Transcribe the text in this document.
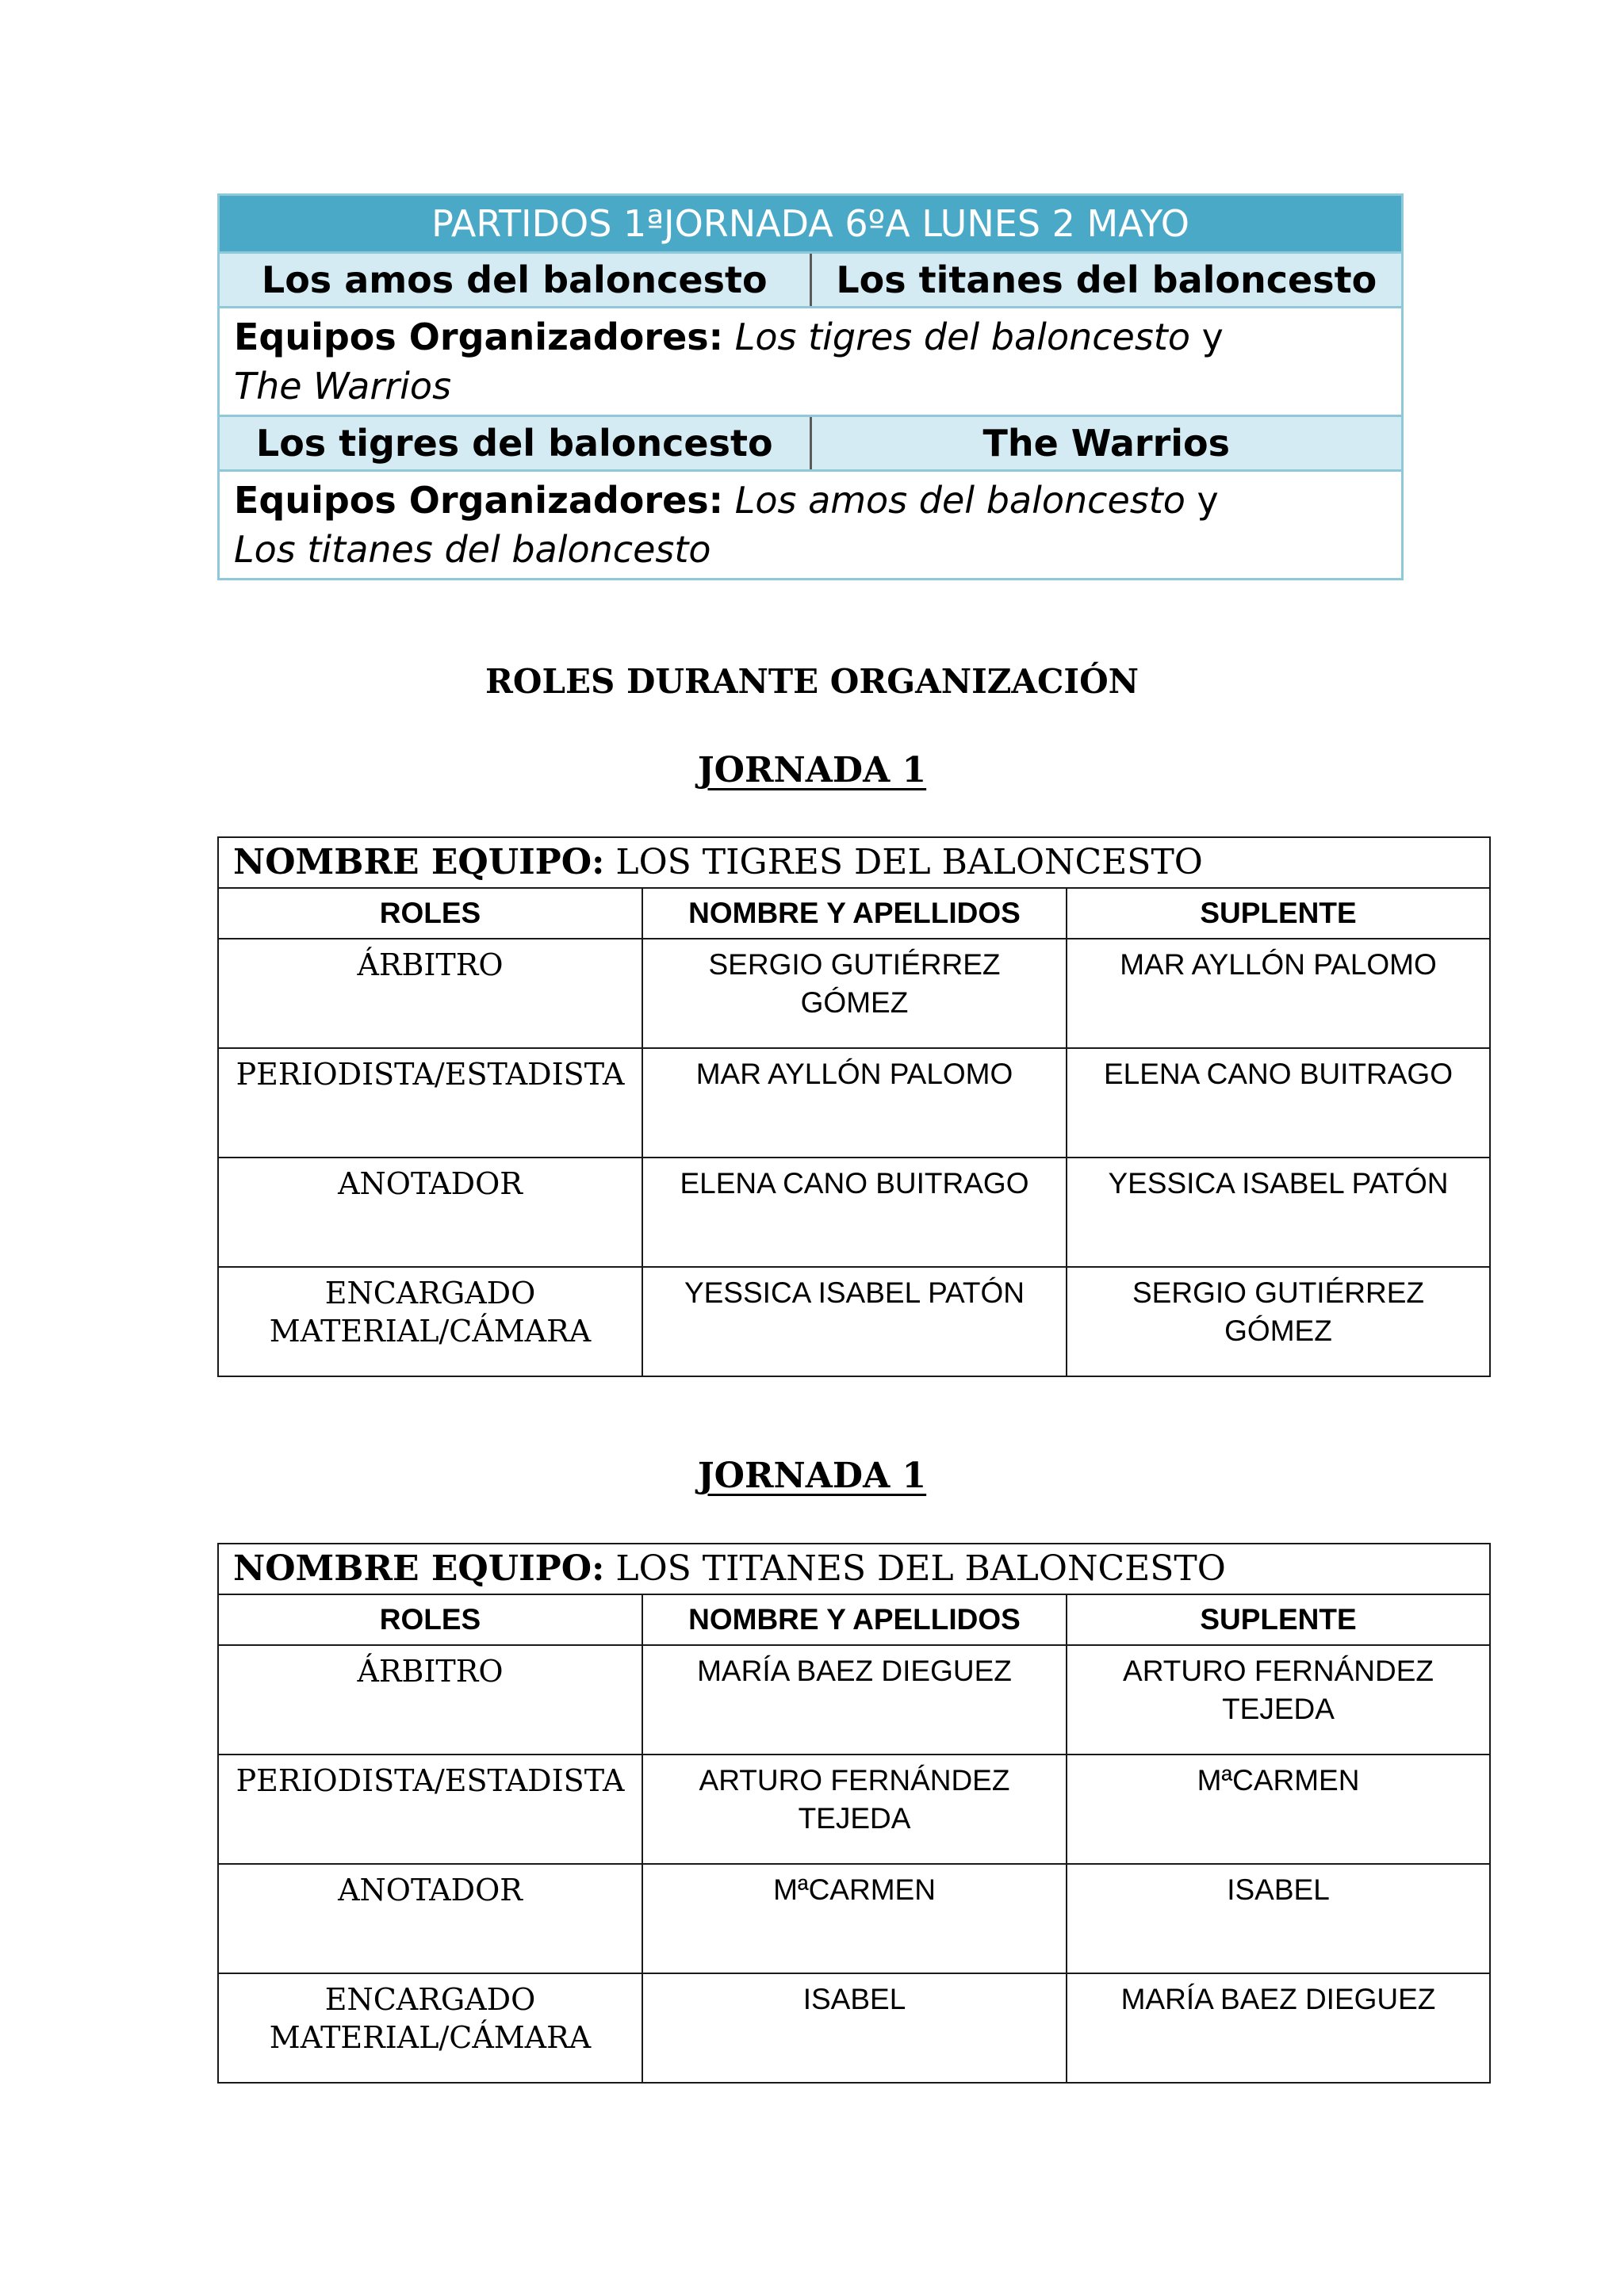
PARTIDOS 1ªJORNADA 6ºA LUNES 2 MAYO	
Los amos del baloncesto	Los titanes del baloncesto
Equipos Organizadores: Los tigres del baloncesto y
The Warrios	
Los tigres del baloncesto	The Warrios
Equipos Organizadores: Los amos del baloncesto y
Los titanes del baloncesto	
ROLES DURANTE ORGANIZACIÓN
JORNADA 1
NOMBRE EQUIPO: LOS TIGRES DEL BALONCESTO		
ROLES	NOMBRE Y APELLIDOS	SUPLENTE
ÁRBITRO	SERGIO GUTIÉRREZ GÓMEZ	MAR AYLLÓN PALOMO
PERIODISTA/ESTADISTA	MAR AYLLÓN PALOMO	ELENA CANO BUITRAGO
ANOTADOR	ELENA CANO BUITRAGO	YESSICA ISABEL PATÓN
ENCARGADO MATERIAL/CÁMARA	YESSICA ISABEL PATÓN	SERGIO GUTIÉRREZ GÓMEZ
JORNADA 1
NOMBRE EQUIPO: LOS TITANES DEL BALONCESTO		
ROLES	NOMBRE Y APELLIDOS	SUPLENTE
ÁRBITRO	MARÍA BAEZ DIEGUEZ	ARTURO FERNÁNDEZ TEJEDA
PERIODISTA/ESTADISTA	ARTURO FERNÁNDEZ TEJEDA	MªCARMEN
ANOTADOR	MªCARMEN	ISABEL
ENCARGADO MATERIAL/CÁMARA	ISABEL	MARÍA BAEZ DIEGUEZ
